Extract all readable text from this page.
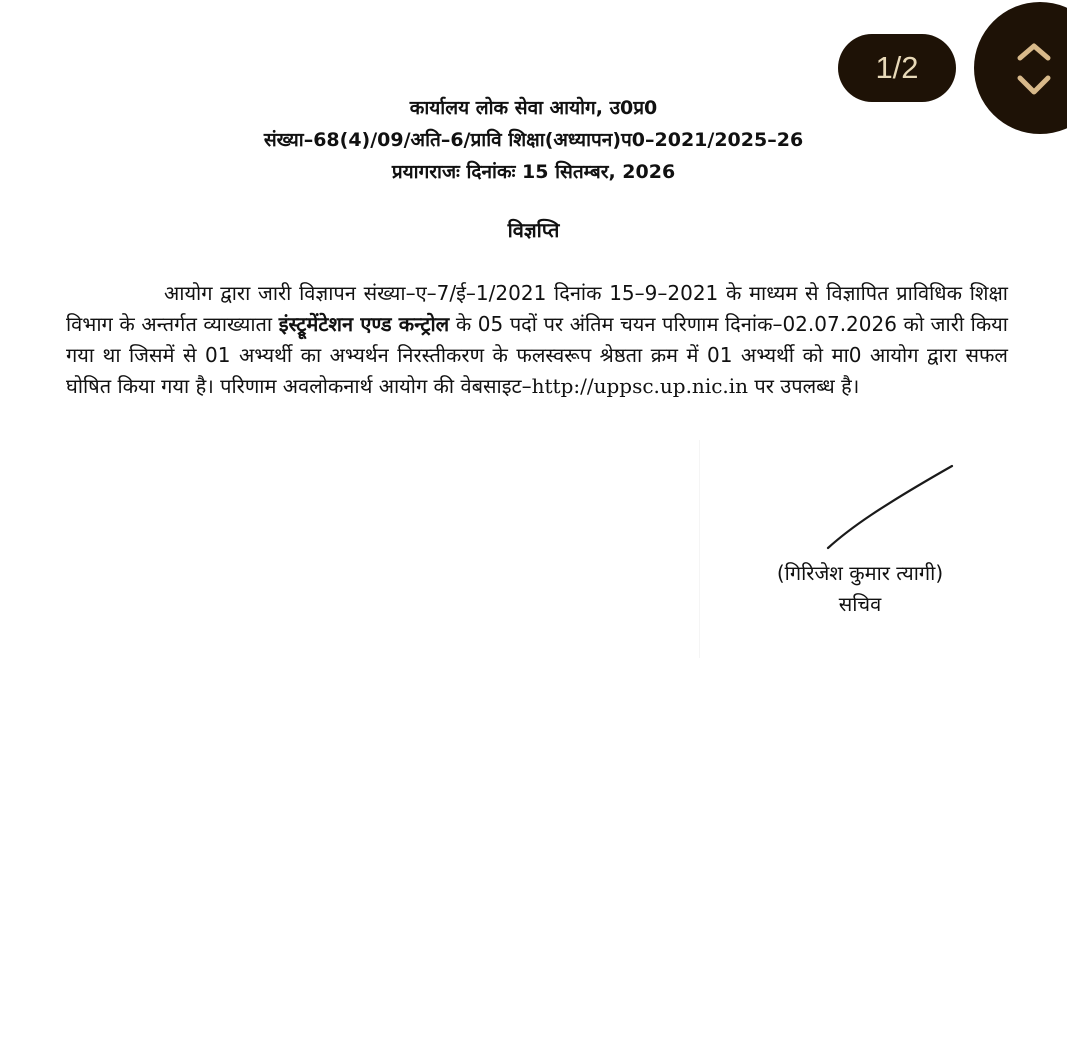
कार्यालय लोक सेवा आयोग, उ0प्र0
संख्या–68(4)/09/अति–6/प्रावि शिक्षा(अध्यापन)प0–2021/2025–26
प्रयागराजः दिनांकः 15 सितम्बर, 2026
विज्ञप्ति
आयोग द्वारा जारी विज्ञापन संख्या–ए–7/ई–1/2021 दिनांक 15–9–2021 के माध्यम से विज्ञापित प्राविधिक शिक्षा विभाग के अन्तर्गत व्याख्याता इंस्ट्रूमेंटेशन एण्ड कन्ट्रोल के 05 पदों पर अंतिम चयन परिणाम दिनांक–02.07.2026 को जारी किया गया था जिसमें से 01 अभ्यर्थी का अभ्यर्थन निरस्तीकरण के फलस्वरूप श्रेष्ठता क्रम में 01 अभ्यर्थी को मा0 आयोग द्वारा सफल घोषित किया गया है। परिणाम अवलोकनार्थ आयोग की वेबसाइट–http://uppsc.up.nic.in पर उपलब्ध है।
(गिरिजेश कुमार त्यागी)
सचिव
1/2
